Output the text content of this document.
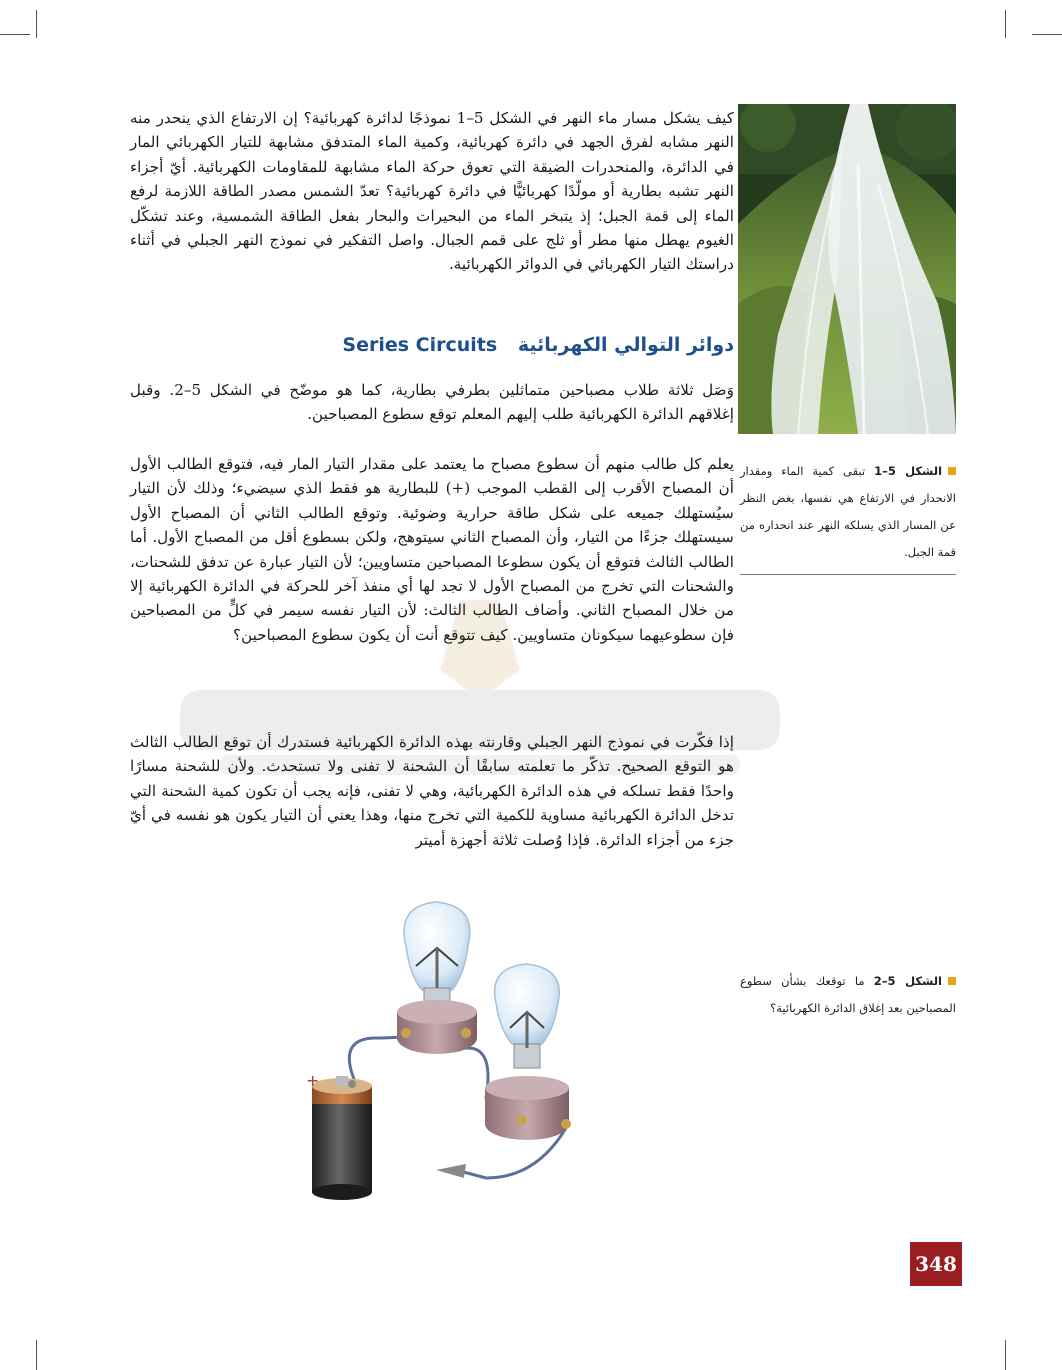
كيف يشكل مسار ماء النهر في الشكل 5–1 نموذجًا لدائرة كهربائية؟ إن الارتفاع الذي ينحدر منه النهر مشابه لفرق الجهد في دائرة كهربائية، وكمية الماء المتدفق مشابهة للتيار الكهربائي المار في الدائرة، والمنحدرات الضيقة التي تعوق حركة الماء مشابهة للمقاومات الكهربائية. أيّ أجزاء النهر تشبه بطارية أو مولّدًا كهربائيًّا في دائرة كهربائية؟ تعدّ الشمس مصدر الطاقة اللازمة لرفع الماء إلى قمة الجبل؛ إذ يتبخر الماء من البحيرات والبحار بفعل الطاقة الشمسية، وعند تشكّل الغيوم يهطل منها مطر أو ثلج على قمم الجبال. واصل التفكير في نموذج النهر الجبلي في أثناء دراستك التيار الكهربائي في الدوائر الكهربائية.

دوائر التوالي الكهربائية Series Circuits

وَصَل ثلاثة طلاب مصباحين متماثلين بطرفي بطارية، كما هو موضّح في الشكل 5–2. وقبل إغلاقهم الدائرة الكهربائية طلب إليهم المعلم توقع سطوع المصباحين.

يعلم كل طالب منهم أن سطوع مصباح ما يعتمد على مقدار التيار المار فيه، فتوقع الطالب الأول أن المصباح الأقرب إلى القطب الموجب (+) للبطارية هو فقط الذي سيضيء؛ وذلك لأن التيار سيُستهلك جميعه على شكل طاقة حرارية وضوئية. وتوقع الطالب الثاني أن المصباح الأول سيستهلك جزءًا من التيار، وأن المصباح الثاني سيتوهج، ولكن بسطوع أقل من المصباح الأول. أما الطالب الثالث فتوقع أن يكون سطوعا المصباحين متساويين؛ لأن التيار عبارة عن تدفق للشحنات، والشحنات التي تخرج من المصباح الأول لا تجد لها أي منفذ آخر للحركة في الدائرة الكهربائية إلا من خلال المصباح الثاني. وأضاف الطالب الثالث: لأن التيار نفسه سيمر في كلٍّ من المصباحين فإن سطوعيهما سيكونان متساويين. كيف تتوقع أنت أن يكون سطوع المصباحين؟

إذا فكّرت في نموذج النهر الجبلي وقارنته بهذه الدائرة الكهربائية فستدرك أن توقع الطالب الثالث هو التوقع الصحيح. تذكّر ما تعلمته سابقًا أن الشحنة لا تفنى ولا تستحدث. ولأن للشحنة مسارًا واحدًا فقط تسلكه في هذه الدائرة الكهربائية، وهي لا تفنى، فإنه يجب أن تكون كمية الشحنة التي تدخل الدائرة الكهربائية مساوية للكمية التي تخرج منها، وهذا يعني أن التيار يكون هو نفسه في أيّ جزء من أجزاء الدائرة. فإذا وُصلت ثلاثة أجهزة أميتر

الشكل 5–1 تبقى كمية الماء ومقدار الانحدار في الارتفاع هي نفسها، بغض النظر عن المسار الذي يسلكه النهر عند انحداره من قمة الجبل.
الشكل 5–2 ما توقعك بشأن سطوع المصباحين بعد إغلاق الدائرة الكهربائية؟
+
348
